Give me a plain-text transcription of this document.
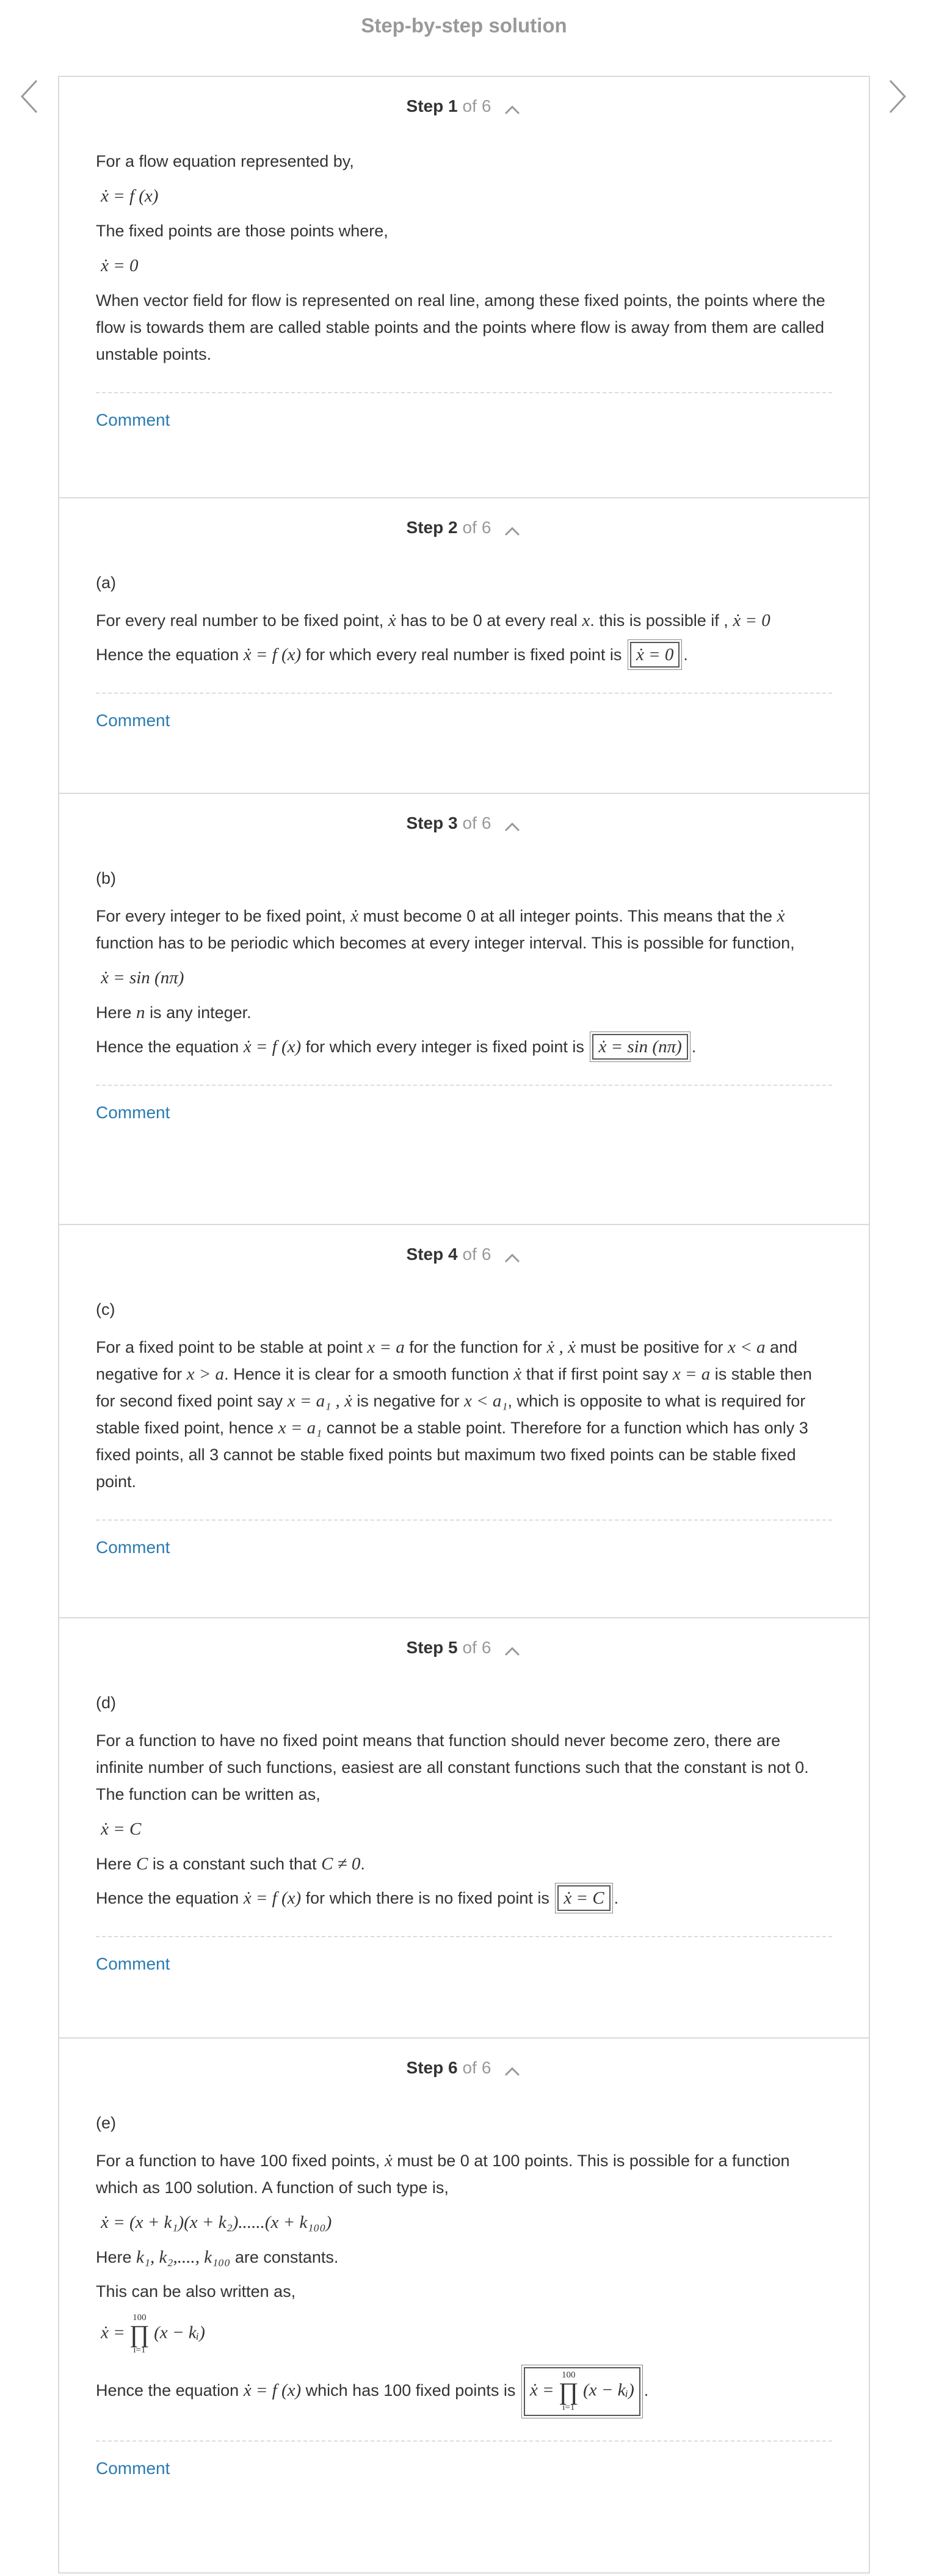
Step-by-step solution
Step 1 of 6

For a flow equation represented by,

ẋ = f (x)

The fixed points are those points where,

ẋ = 0

When vector field for flow is represented on real line, among these fixed points, the points where the flow is towards them are called stable points and the points where flow is away from them are called unstable points.

Comment
Step 2 of 6

(a)

For every real number to be fixed point, ẋ has to be 0 at every real x. this is possible if , ẋ = 0

Hence the equation ẋ = f (x) for which every real number is fixed point is ẋ = 0 .

Comment
Step 3 of 6

(b)

For every integer to be fixed point, ẋ must become 0 at all integer points. This means that the ẋ function has to be periodic which becomes at every integer interval. This is possible for function,

ẋ = sin (nπ)

Here n is any integer.

Hence the equation ẋ = f (x) for which every integer is fixed point is ẋ = sin (nπ) .

Comment
Step 4 of 6

(c)

For a fixed point to be stable at point x = a for the function for ẋ , ẋ must be positive for x < a and negative for x > a. Hence it is clear for a smooth function ẋ that if first point say x = a is stable then for second fixed point say x = a₁ , ẋ is negative for x < a₁, which is opposite to what is required for stable fixed point, hence x = a₁ cannot be a stable point. Therefore for a function which has only 3 fixed points, all 3 cannot be stable fixed points but maximum two fixed points can be stable fixed point.

Comment
Step 5 of 6

(d)

For a function to have no fixed point means that function should never become zero, there are infinite number of such functions, easiest are all constant functions such that the constant is not 0. The function can be written as,

ẋ = C

Here C is a constant such that C ≠ 0.

Hence the equation ẋ = f (x) for which there is no fixed point is ẋ = C .

Comment
Step 6 of 6

(e)

For a function to have 100 fixed points, ẋ must be 0 at 100 points. This is possible for a function which as 100 solution. A function of such type is,

ẋ = (x + k₁)(x + k₂)......(x + k₁₀₀)

Here k₁, k₂,...., k₁₀₀ are constants.

This can be also written as,

ẋ =
100
∏
i=1
(x − kᵢ)

Hence the equation ẋ = f (x) which has 100 fixed points is ẋ =
100
∏
i=1
(x − kᵢ) .

Comment
